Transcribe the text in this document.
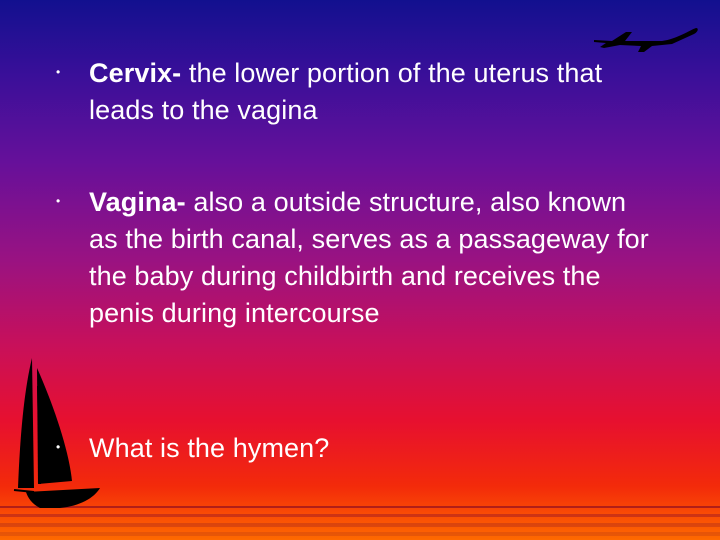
• Cervix- the lower portion of the uterus that leads to the vagina
• Vagina- also a outside structure, also known as the birth canal, serves as a passageway for the baby during childbirth and receives the penis during intercourse
• What is the hymen?
